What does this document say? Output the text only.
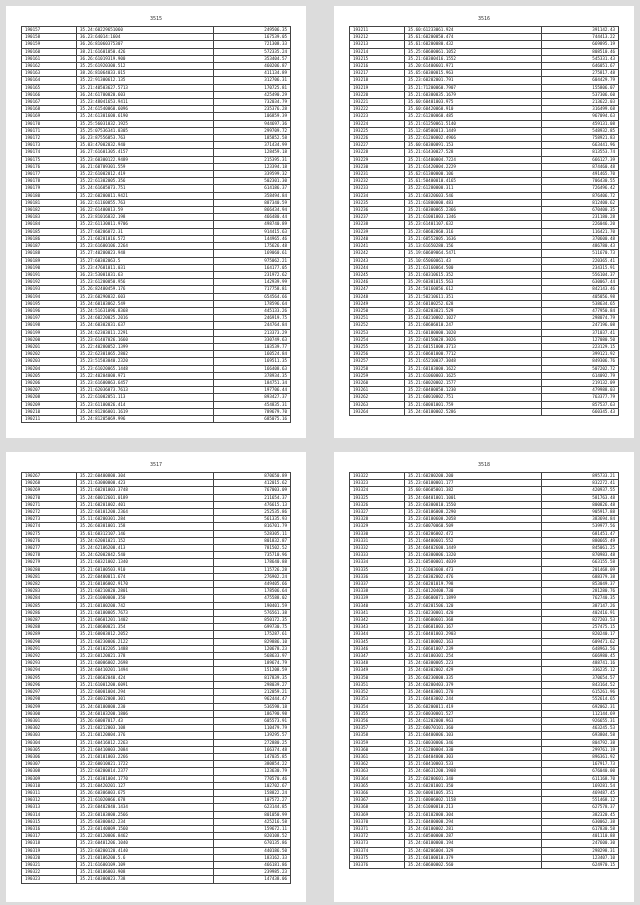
3515
190157	35.24:60229651060	249506.35
190158	36.23:64014:1604	167539.05
190159	36.26:81060375307	721308.33
190160	38.21:61601050.426	572335.24
190161	36.26:61019319.900	353404.57
190162	35.25:61920300.512	460206.87
190163	38.26:81064033.015	411134.89
190164	35.22:91300612.135	312706.31
190165	35.21:40503627.5713	170725.81
190166	36.24:61700020.603	425490.29
190167	35.23:48041653.9411	732034.79
190168	35.24:61540060.6096	235376.28
190169	35.24:61301600.6190	106859.39
190170	35.25:56031032.1925	944697.36
190171	35.25:07536341.0305	299709.72
190172	36.23:87556053.763	185852.58
190173	35.03:47002032.940	371434.99
190174	36.27:61601305.4157	128459.18
190175	35.23:60300122.9489	215395.31
190176	36.21:60709301.559	123394.18
190177	35.22:61002012.419	339599.32
190178	35.22:61302005.356	502301.30
190179	35.24:61605073.751	614186.37
190180	35.22:60200011.9421	358494.84
190181	36.22:61160055.763	887340.59
190182	36.22:61400013.59	866434.94
190183	35.23:81016032.198	466480.44
190184	35.22:61130011.9706	498740.89
190185	35.27:60206072.31	914415.63
190186	35.21:60201016.572	144965.46
190187	35.23:61600106.2264	175626.48
190188	35.27:40200023.948	169060.61
190189	35.27:60302063.5	975062.21
190190	35.23:47601011.031	164177.05
190191	36.23:53001031.63	231972.62
190192	35.23:61200050.956	142939.99
190193	35.26:82400459.176	717758.81
190194	35.23:60290032.603	654564.66
190195	35.24:60103062.549	178596.64
190196	35.24:51631096.8368	445133.26
190197	35.24:60220025.2016	246919.75
190198	35.24:60302031.637	244764.84
190199	35.24:62303011.2291	213373.29
190200	35.23:61407026.1660	330749.63
190201	35.22:40280052.1399	103539.77
190202	35.22:62301065.2802	160524.84
190203	35.23:51503040.2320	169511.35
190204	35.23:61020065.1448	166408.63
190205	35.22:40204000.971	378934.35
190206	35.23:61600063.6457	184751.34
190207	35.21:62036073.7613	197706.44
190208	35.22:61002051.113	893427.37
190209	35.23:61100026.414	454835.31
190210	35.24:81206001.1619	789679.70
190211	35.24:81205069.996	685075.16
3516
193211	35.60:61233061.924	391142.43
193212	35.61:60200050.474	744413.22
193213	35.61:60200080.432	669895.19
193214	35.25:60600061.1052	808510.46
193215	35.21:60300416.1552	545331.43
193216	35.20:61400601.971	646051.67
193217	35.65:60300015.963	275817.48
193218	35.23:60202001.791	604429.79
193219	35.21:71200060.7907	155806.07
193220	35.21:60300035.1679	537306.60
193221	35.60:60401003.975	213622.03
193222	35.60:60420060.910	316499.68
193223	35.22:61200060.485	967094.63
193224	35.21:61250061.5140	459131.08
193225	35.12:60500013.1449	548932.85
193226	35.22:61200002.4966	758921.83
193227	35.60:60300091.153	663441.96
193228	35.21:61430027.528	813553.74
193229	35.21:61400004.7224	666127.39
193230	35.21:61420004.2229	874460.48
193231	35.62:61300000.106	491465.70
193232	35.61:50400010.4165	706430.55
193233	35.22:61280000.311	726496.42
193234	35.21:60320603.546	876406.72
193235	35.21:61800000.483	812400.62
193236	35.21:60300065.2366	670400.35
193237	35.21:61001003.1346	231180.28
193238	35.23:61401107.632	226046.20
193239	35.23:60602860.316	116421.70
193240	35.21:60552005.1636	370600.48
193241	35.13:61650280.156	486780.43
193242	35.19:60609064.5471	511670.73
193243	35.10:65060061.43	220365.41
193244	35.21:63160064.500	234315.91
193245	35.21:60310615.352	556104.37
193246	35.29:60301015.563	630067.44
193247	35.24:50160056.612	842143.46
193248	35.21:50210611.351	405056.98
193249	35.24:60100252.628	538634.65
193250	35.23:60203021.529	477950.84
193251	35.21:60210002.1027	298074.79
193252	35.21:60606010.247	247196.08
193253	35.21:60100000.1020	371037.41
193254	35.22:60150028.3026	127080.50
193255	35.21:60151008.3713	223129.15
193256	35.21:60601000.7712	399121.92
193257	35.21:65210037.3048	849306.76
193258	35.21:60103000.1622	507202.72
193259	35.21:61060003.1625	614092.79
193260	35.21:60020002.1577	219132.09
193261	35.22:60400050.1230	479988.03
193262	35.21:60010002.751	763377.79
193263	35.21:60001001.759	857537.63
193264	35.24:60100002.5286	660345.43
3517
190267	35.22:60400800.304	870650.89
190268	35.21:63000000.423	412015.62
190269	35.21:60201003.3748	767003.09
190270	35.24:60012601.0189	211654.37
190271	35.21:60201002.401	476615.13
190272	35.22:60101200.2364	252535.86
190273	35.11:60200301.284	561335.93
190274	35.26:60301001.158	816701.79
190275	35.61:60312107.146	528305.11
190276	35.24:62001021.152	801832.87
190277	35.24:62106200.413	781502.52
190278	35.24:62002042.540	735710.96
190279	35.21:60321002.1340	178640.88
190280	35.21:60100503.910	115726.28
190281	35.22:60400011.674	276902.24
190282	35.21:60106002.9170	449405.66
190283	35.21:60210020.2801	178506.64
190284	35.23:61000000.350	475588.02
190285	35.21:60100200.742	190401.59
190286	35.21:60100005.7673	576561.38
190287	35.21:60601201.1402	850172.35
190288	35.21:60600021.354	699730.75
190289	35.21:60003012.2052	175287.61
190290	35.21:60230006.2122	829886.10
190291	35.21:60102205.1488	120678.23
190292	35.23:60120021.378	568633.97
190293	35.21:60006002.2698	189674.79
190294	35.24:60410201.1494	151208.59
190295	35.21:60602040.424	817839.35
190296	35.21:61001200.6091	298039.27
190297	35.22:60001004.294	212059.21
190298	35.23:60032008.301	962444.47
190299	35.24:60100000.230	536598.18
190300	35.24:60103200.1806	186790.98
190301	35.26:60007017.43	605573.91
190302	35.21:60212003.108	110479.79
190303	35.21:60120004.376	139295.57
190304	35.21:60416012.2263	272880.25
190305	35.21:60410003.2084	166374.48
190306	35.21:60101003.2266	147035.85
190307	35.22:60010021.1722	380854.22
190308	35.22:60200014.2377	123630.79
190309	35.21:60301004.1770	770570.46
190310	35.21:60420201.127	102702.67
190311	35.26:60306003.675	158822.24
190312	35.21:61020066.678	107572.27
190313	35.23:60402040.1434	623144.85
190314	35.23:60103000.2566	801050.99
190315	35.25:60300042.234	425216.58
190316	35.23:60140009.1560	159672.11
190317	35.22:60120006.8462	820108.52
190318	35.23:60401206.1040	670135.86
190319	35.23:60200120.4140	440186.50
190320	35.21:60106200.5.6	183162.33
190321	35.21:61600109.109	466181.86
190322	35.21:60106003.908	239985.23
190323	35.21:60300023.738	147438.06
3518
193322	35.21:60200200.200	895733.21
193323	35.23:60100001.177	832272.41
193324	35.60:60605001.382	420937.55
193325	35.24:60401001.1001	581763.48
193326	35.23:60300010.1550	800826.48
193327	35.23:60106000.2290	905917.88
193328	35.23:60100600.2058	383694.84
193329	35.23:60070060.509	539977.56
193330	35.21:60206002.472	681451.47
193331	35.21:60400601.552	880665.49
193332	35.24:60402600.1449	845061.25
193333	35.21:60300006.1320	870983.48
193334	35.21:60500001.4039	663155.58
193335	35.21:61003600.473	201468.09
193336	35.22:60302002.476	688379.38
193337	35.24:60201019.798	853049.37
193338	35.21:60120400.730	281280.76
193339	35.23:60600071.1899	762740.35
193340	35.27:60201506.120	387147.26
193341	35.21:60230001.420	402416.91
193342	35.21:60600601.368	827203.53
193343	35.21:60601003.167	257475.15
193344	35.21:60401003.2903	820240.17
193345	35.21:60100002.163	609471.62
193346	35.21:60601007.239	648963.56
193347	35.21:60100301.254	666980.45
193348	35.24:60300005.223	488741.16
193349	35.24:60302002.429	336235.12
193350	35.26:60230000.335	370654.57
193351	35.24:60200403.379	843164.52
193352	35.24:60403001.270	615261.96
193353	35.21:60403002.244	552614.65
193354	35.26:60200011.419	692062.31
193355	35.23:60030001.527	112144.69
193356	35.24:61202000.963	926655.31
193357	35.22:60070101.360	463245.53
193358	35.21:60400006.103	693804.58
193359	35.21:60030006.346	804792.38
193360	35.24:61200004.330	299761.19
193361	35.21:60404000.303	896361.92
193362	35.21:60410003.533	167917.73
193363	35.24:60631200.1908	676040.00
193364	35.22:60200601.340	611168.70
193365	35.21:60201001.350	169281.54
193366	35.20:60001005.351	469487.45
193367	35.21:60006002.1158	551468.12
193368	35.24:61000010.213	627578.37
193369	35.21:60102000.304	382320.45
193370	35.21:60400000.294	630062.38
193371	35.24:60100002.281	617830.58
193372	35.21:60500000.287	401110.88
193373	35.24:60100000.194	247600.30
193374	35.24:60206004.329	298298.31
193375	35.21:60100010.379	123407.10
193376	35.24:60600002.560	624970.15
